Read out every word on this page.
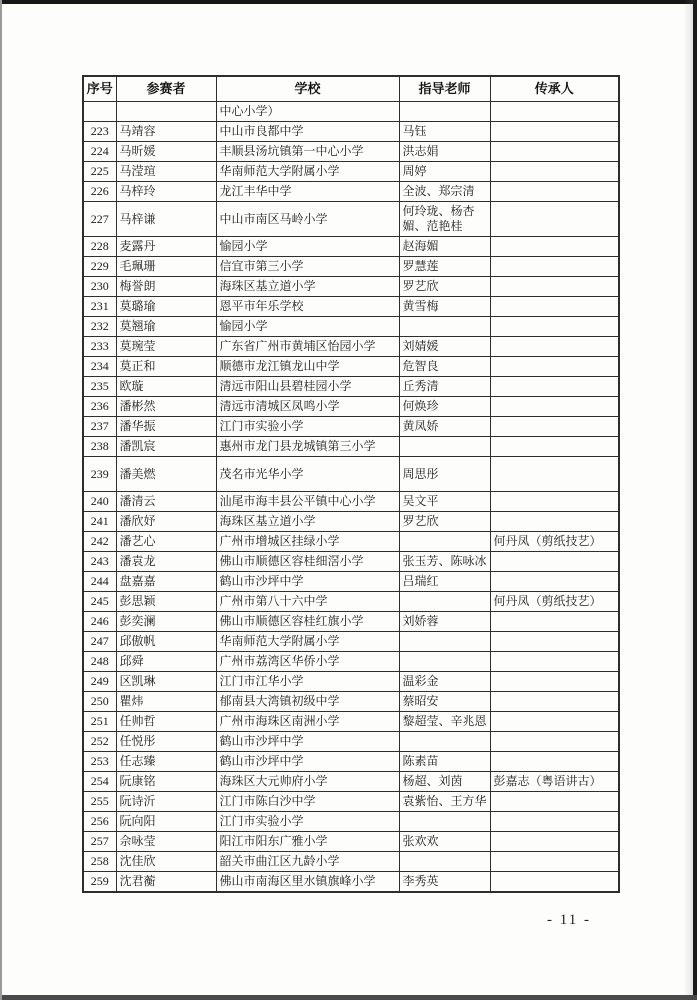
序号	参赛者	学校	指导老师	传承人
		中心小学）		
223	马靖容	中山市良都中学	马钰	
224	马昕媛	丰顺县汤坑镇第一中心小学	洪志娟	
225	马滢瑄	华南师范大学附属小学	周婷	
226	马梓玲	龙江丰华中学	全波、郑宗清	
227	马梓谦	中山市南区马岭小学	何玲珑、杨杏媚、范艳桂	
228	麦露丹	愉园小学	赵海媚	
229	毛珮珊	信宜市第三小学	罗慧莲	
230	梅誉朗	海珠区基立道小学	罗艺欣	
231	莫璐瑜	恩平市年乐学校	黄雪梅	
232	莫翘瑜	愉园小学		
233	莫琬莹	广东省广州市黄埔区怡园小学	刘婧媛	
234	莫正和	顺德市龙江镇龙山中学	危智良	
235	欧璇	清远市阳山县碧桂园小学	丘秀清	
236	潘彬然	清远市清城区凤鸣小学	何焕珍	
237	潘华振	江门市实验小学	黄凤娇	
238	潘凯宸	惠州市龙门县龙城镇第三小学		
239	潘美燃	茂名市光华小学	周思彤	
240	潘清云	汕尾市海丰县公平镇中心小学	吴文平	
241	潘欣妤	海珠区基立道小学	罗艺欣	
242	潘艺心	广州市增城区挂绿小学		何丹凤（剪纸技艺）
243	潘袁龙	佛山市顺德区容桂细滘小学	张玉芳、陈咏冰	
244	盘嘉嘉	鹤山市沙坪中学	吕瑞红	
245	彭思颖	广州市第八十六中学		何丹凤（剪纸技艺）
246	彭奕澜	佛山市顺德区容桂红旗小学	刘娇蓉	
247	邱傲帆	华南师范大学附属小学		
248	邱舜	广州市荔湾区华侨小学		
249	区凯琳	江门市江华小学	温彩金	
250	瞿炜	郁南县大湾镇初级中学	蔡昭安	
251	任帅哲	广州市海珠区南洲小学	黎超莹、辛兆恩	
252	任悦彤	鹤山市沙坪中学		
253	任志臻	鹤山市沙坪中学	陈素苗	
254	阮康铭	海珠区大元帅府小学	杨超、刘茵	彭嘉志（粤语讲古）
255	阮诗沂	江门市陈白沙中学	袁紫怡、王方华	
256	阮向阳	江门市实验小学		
257	佘咏莹	阳江市阳东广雅小学	张欢欢	
258	沈佳欣	韶关市曲江区九龄小学		
259	沈君蘅	佛山市南海区里水镇旗峰小学	李秀英	
- 11 -
